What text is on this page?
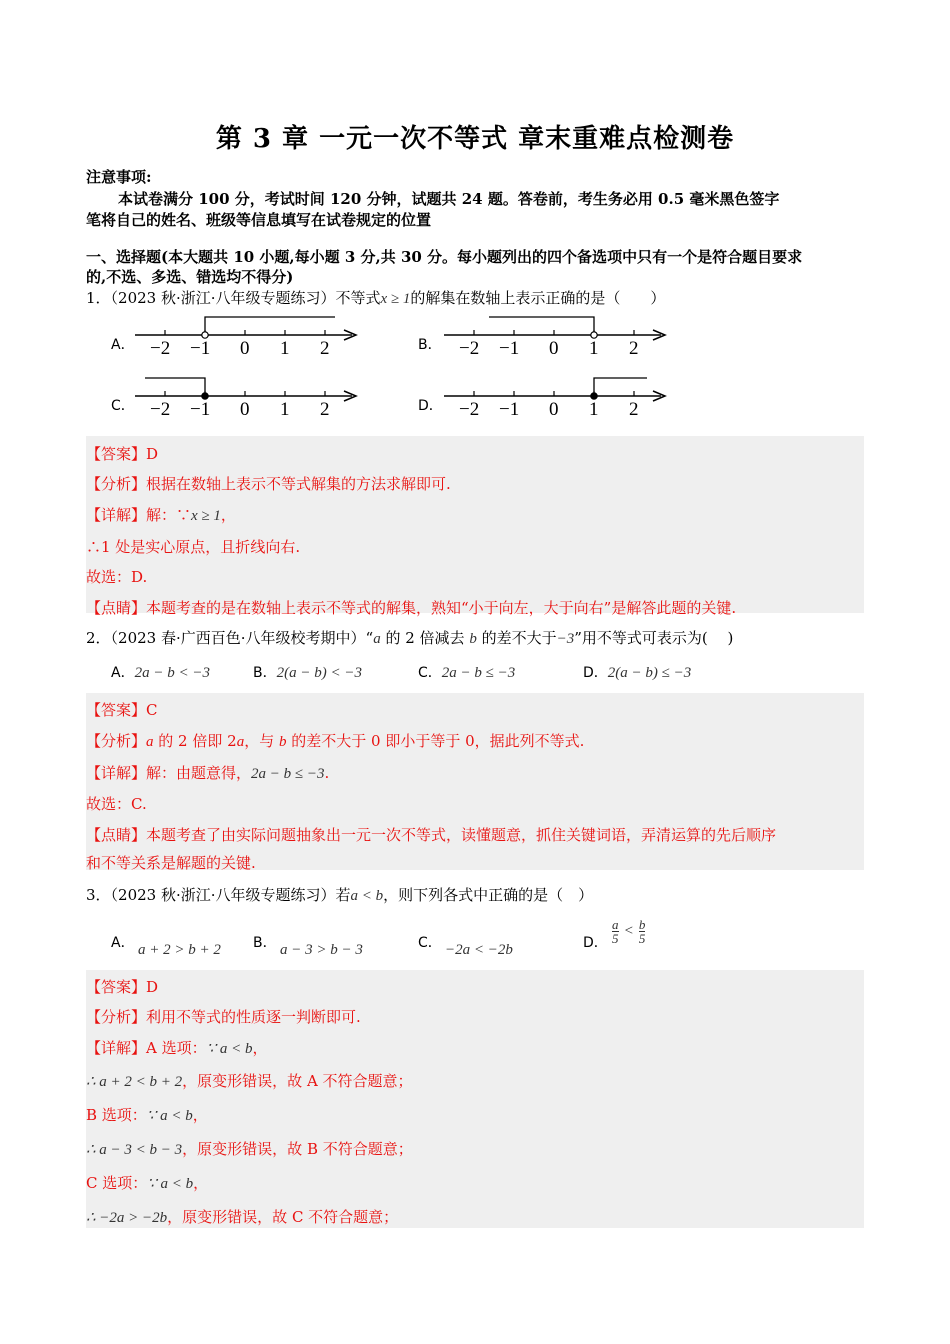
第 3 章 一元一次不等式 章末重难点检测卷
注意事项:
本试卷满分 100 分，考试时间 120 分钟，试题共 24 题。答卷前，考生务必用 0.5 毫米黑色签字
笔将自己的姓名、班级等信息填写在试卷规定的位置
一、选择题(本大题共 10 小题,每小题 3 分,共 30 分。每小题列出的四个备选项中只有一个是符合题目要求
的,不选、多选、错选均不得分)
1．（2023 秋·浙江·八年级专题练习）不等式x ≥ 1的解集在数轴上表示正确的是（　　）
A． −2 −1 0 1 2	B． −2 −1 0 1 2
C． −2 −1 0 1 2	D． −2 −1 0 1 2
【答案】D
【分析】根据在数轴上表示不等式解集的方法求解即可.
【详解】解：∵x ≥ 1，
∴1 处是实心原点，且折线向右.
故选：D.
【点睛】本题考查的是在数轴上表示不等式的解集，熟知“小于向左，大于向右”是解答此题的关键.
2．（2023 春·广西百色·八年级校考期中）“a 的 2 倍减去 b 的差不大于−3”用不等式可表示为(　 )
A．2a − b < −3	B．2(a − b) < −3	C．2a − b ≤ −3	D．2(a − b) ≤ −3
【答案】C
【分析】a 的 2 倍即 2a，与 b 的差不大于 0 即小于等于 0，据此列不等式.
【详解】解：由题意得，2a − b ≤ −3.
故选：C.
【点睛】本题考查了由实际问题抽象出一元一次不等式，读懂题意，抓住关键词语，弄清运算的先后顺序
和不等关系是解题的关键.
3．（2023 秋·浙江·八年级专题练习）若a < b，则下列各式中正确的是（　）
A． a + 2 > b + 2 B． a − 3 > b − 3	C． −2a < −2b	D． $\frac{a}{5} < \frac{b}{5}$
【答案】D
【分析】利用不等式的性质逐一判断即可.
【详解】A 选项：∵ a < b，
∴ a + 2 < b + 2，原变形错误，故 A 不符合题意；
B 选项：∵ a < b，
∴ a − 3 < b − 3，原变形错误，故 B 不符合题意；
C 选项：∵ a < b，
∴ −2a > −2b，原变形错误，故 C 不符合题意；
